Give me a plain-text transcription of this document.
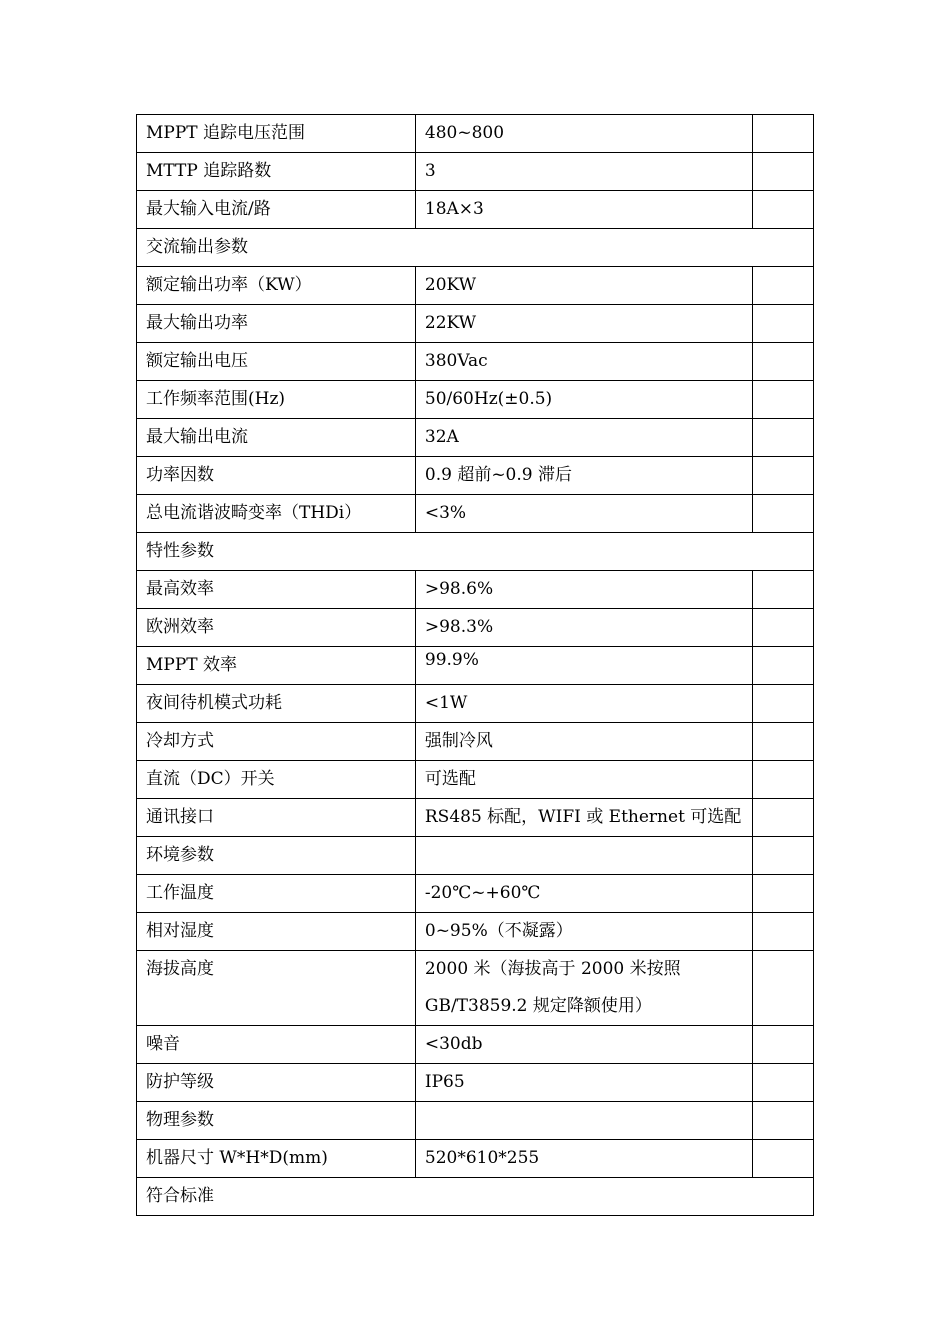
MPPT 追踪电压范围	480~800	
MTTP 追踪路数	3	
最大输入电流/路	18A×3	
交流输出参数		
额定输出功率（KW）	20KW	
最大输出功率	22KW	
额定输出电压	380Vac	
工作频率范围(Hz)	50/60Hz(±0.5)	
最大输出电流	32A	
功率因数	0.9 超前~0.9 滞后	
总电流谐波畸变率（THDi）	<3%	
特性参数		
最高效率	>98.6%	
欧洲效率	>98.3%	
MPPT 效率	99.9%	
夜间待机模式功耗	<1W	
冷却方式	强制冷风	
直流（DC）开关	可选配	
通讯接口	RS485 标配，WIFI 或 Ethernet 可选配	
环境参数		
工作温度	-20℃~+60℃	
相对湿度	0~95%（不凝露）	
海拔高度	2000 米（海拔高于 2000 米按照 GB/T3859.2 规定降额使用）	
噪音	<30db	
防护等级	IP65	
物理参数		
机器尺寸 W*H*D(mm)	520*610*255	
符合标准		
